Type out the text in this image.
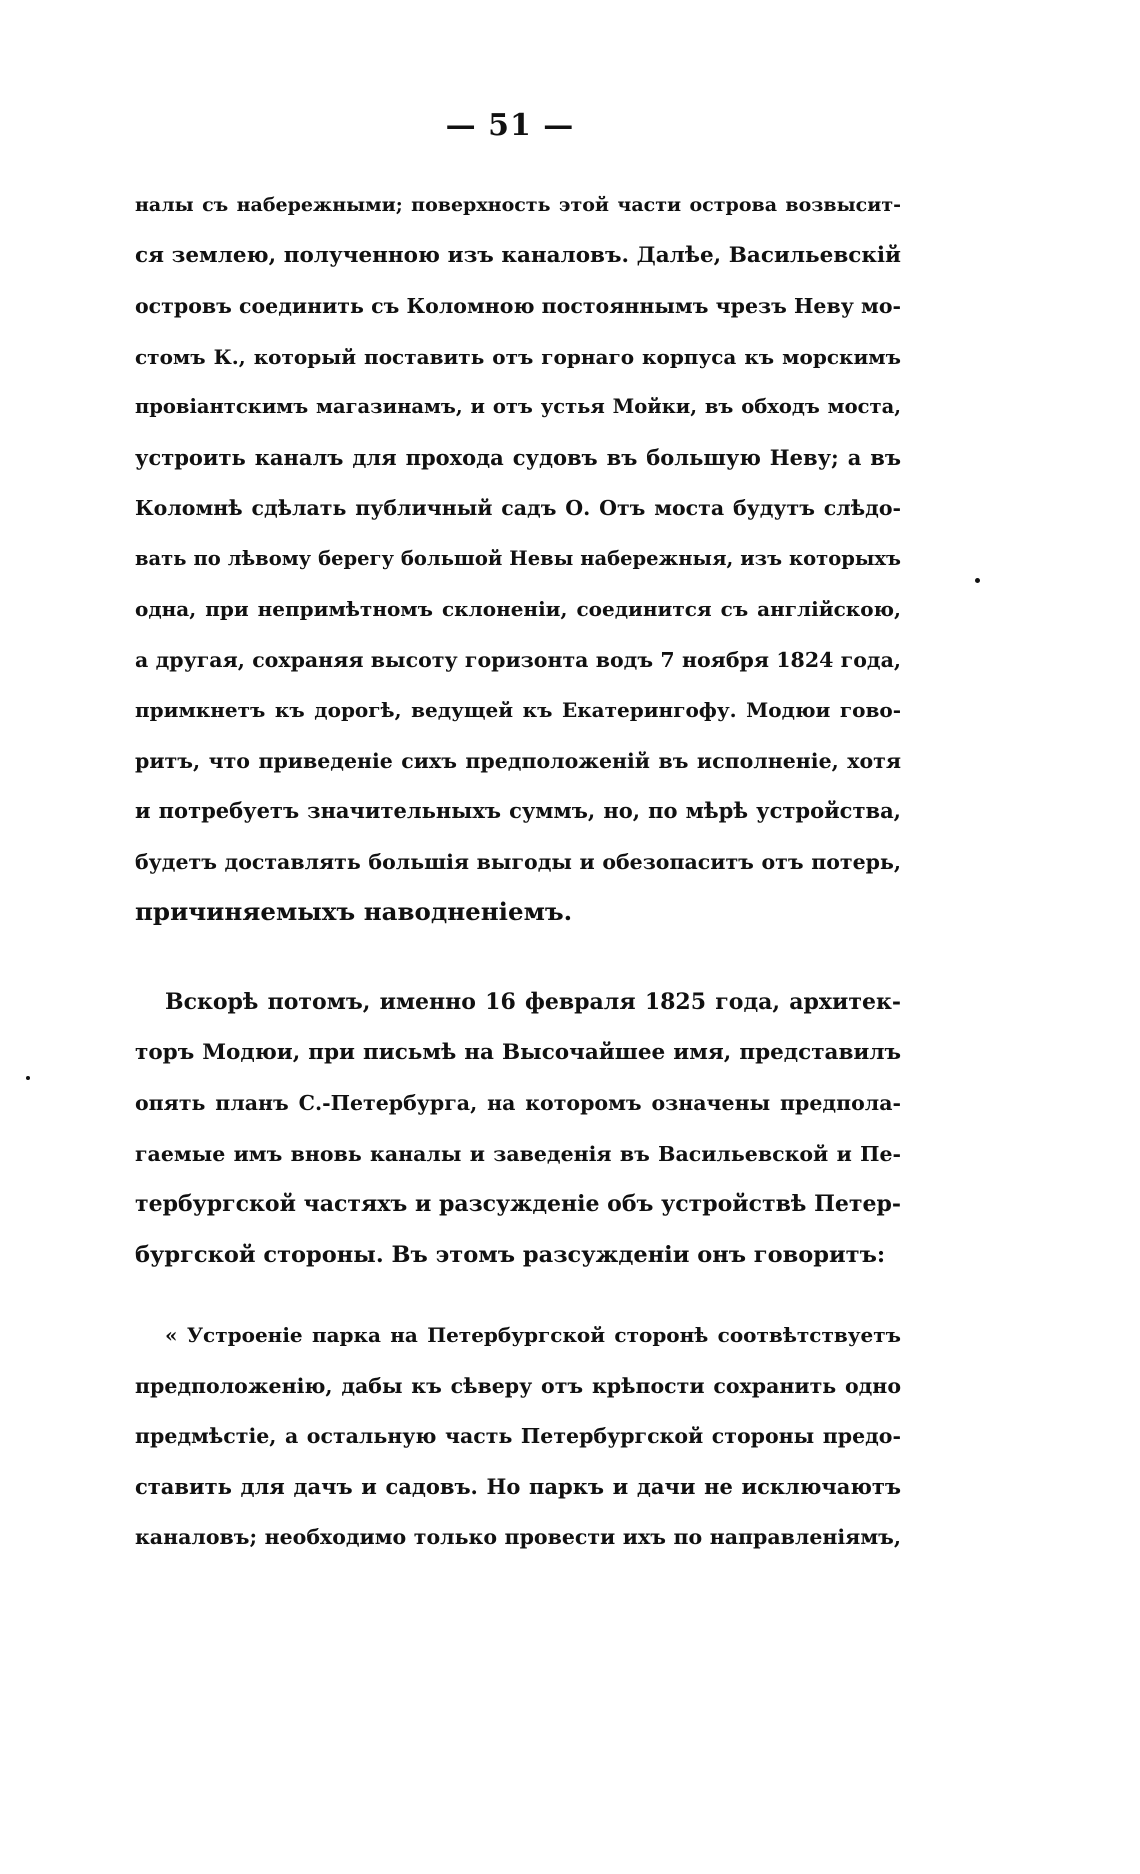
— 51 —
налы съ набережными; поверхность этой части острова возвысит-
ся землею, полученною изъ каналовъ. Далѣе, Васильевскій
островъ соединить съ Коломною постояннымъ чрезъ Неву мо-
стомъ К., который поставить отъ горнаго корпуса къ морскимъ
провіантскимъ магазинамъ, и отъ устья Мойки, въ обходъ моста,
устроить каналъ для прохода судовъ въ большую Неву; а въ
Коломнѣ сдѣлать публичный садъ О. Отъ моста будутъ слѣдо-
вать по лѣвому берегу большой Невы набережныя, изъ которыхъ
одна, при непримѣтномъ склоненіи, соединится съ англійскою,
а другая, сохраняя высоту горизонта водъ 7 ноября 1824 года,
примкнетъ къ дорогѣ, ведущей къ Екатерингофу. Модюи гово-
ритъ, что приведеніе сихъ предположеній въ исполненіе, хотя
и потребуетъ значительныхъ суммъ, но, по мѣрѣ устройства,
будетъ доставлять большія выгоды и обезопаситъ отъ потерь,
причиняемыхъ наводненіемъ.
Вскорѣ потомъ, именно 16 февраля 1825 года, архитек-
торъ Модюи, при письмѣ на Высочайшее имя, представилъ
опять планъ С.-Петербурга, на которомъ означены предпола-
гаемые имъ вновь каналы и заведенія въ Васильевской и Пе-
тербургской частяхъ и разсужденіе объ устройствѣ Петер-
бургской стороны. Въ этомъ разсужденіи онъ говоритъ:
« Устроеніе парка на Петербургской сторонѣ соотвѣтствуетъ
предположенію, дабы къ сѣверу отъ крѣпости сохранить одно
предмѣстіе, а остальную часть Петербургской стороны предо-
ставить для дачъ и садовъ. Но паркъ и дачи не исключаютъ
каналовъ; необходимо только провести ихъ по направленіямъ,
